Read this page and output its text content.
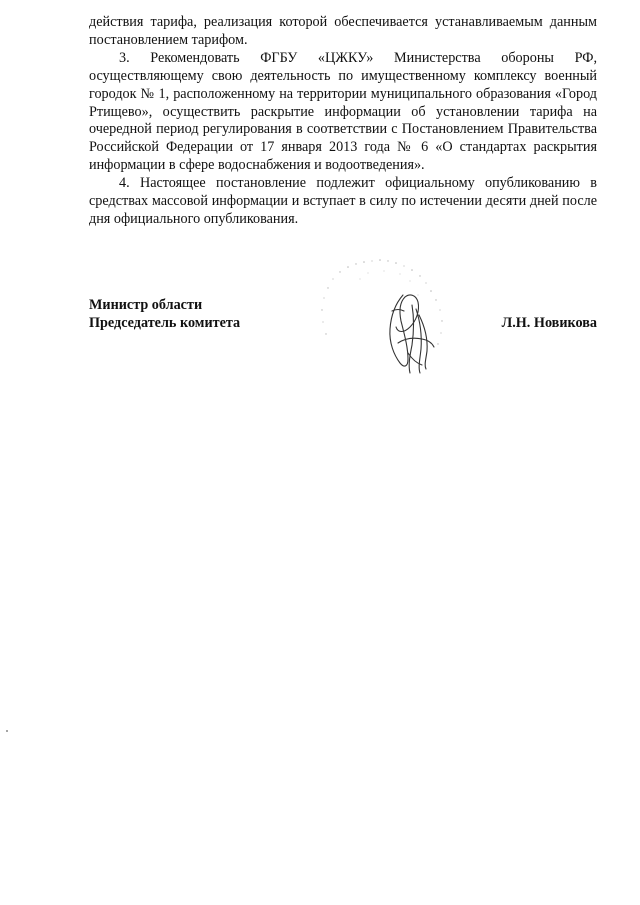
действия тарифа, реализация которой обеспечивается устанавливаемым данным постановлением тарифом.

3. Рекомендовать ФГБУ «ЦЖКУ» Министерства обороны РФ, осуществляющему свою деятельность по имущественному комплексу военный городок № 1, расположенному на территории муниципального образования «Город Ртищево», осуществить раскрытие информации об установлении тарифа на очередной период регулирования в соответствии с Постановлением Правительства Российской Федерации от 17 января 2013 года № 6 «О стандартах раскрытия информации в сфере водоснабжения и водоотведения».

4. Настоящее постановление подлежит официальному опубликованию в средствах массовой информации и вступает в силу по истечении десяти дней после дня официального опубликования.

Министр области
Председатель комитета	Л.Н. Новикова
